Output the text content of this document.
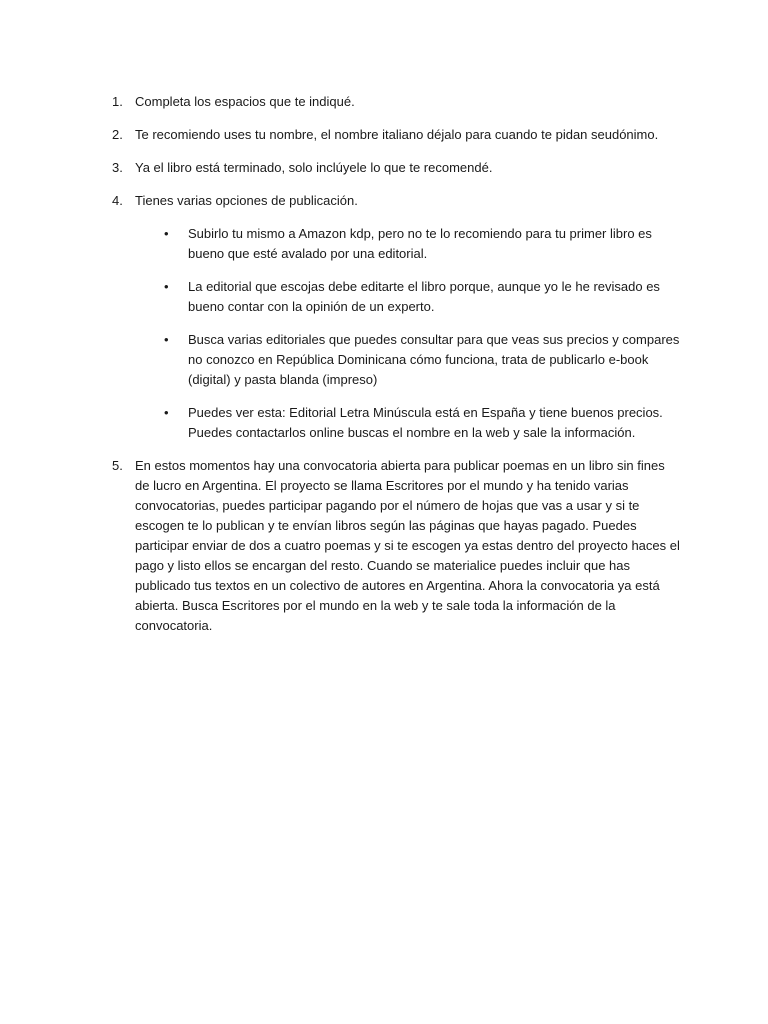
1. Completa los espacios que te indiqué.
2. Te recomiendo uses tu nombre, el nombre italiano déjalo para cuando te pidan seudónimo.
3. Ya el libro está terminado, solo inclúyele lo que te recomendé.
4. Tienes varias opciones de publicación.
• Subirlo tu mismo a Amazon kdp, pero no te lo recomiendo para tu primer libro es bueno que esté avalado por una editorial.
• La editorial que escojas debe editarte el libro porque, aunque yo le he revisado es bueno contar con la opinión de un experto.
• Busca varias editoriales que puedes consultar para que veas sus precios y compares no conozco en República Dominicana cómo funciona, trata de publicarlo e-book (digital) y pasta blanda (impreso)
• Puedes ver esta: Editorial Letra Minúscula está en España y tiene buenos precios. Puedes contactarlos online buscas el nombre en la web y sale la información.
5. En estos momentos hay una convocatoria abierta para publicar poemas en un libro sin fines de lucro en Argentina. El proyecto se llama Escritores por el mundo y ha tenido varias convocatorias, puedes participar pagando por el número de hojas que vas a usar y si te escogen te lo publican y te envían libros según las páginas que hayas pagado. Puedes participar enviar de dos a cuatro poemas y si te escogen ya estas dentro del proyecto haces el pago y listo ellos se encargan del resto. Cuando se materialice puedes incluir que has publicado tus textos en un colectivo de autores en Argentina. Ahora la convocatoria ya está abierta. Busca Escritores por el mundo en la web y te sale toda la información de la convocatoria.
